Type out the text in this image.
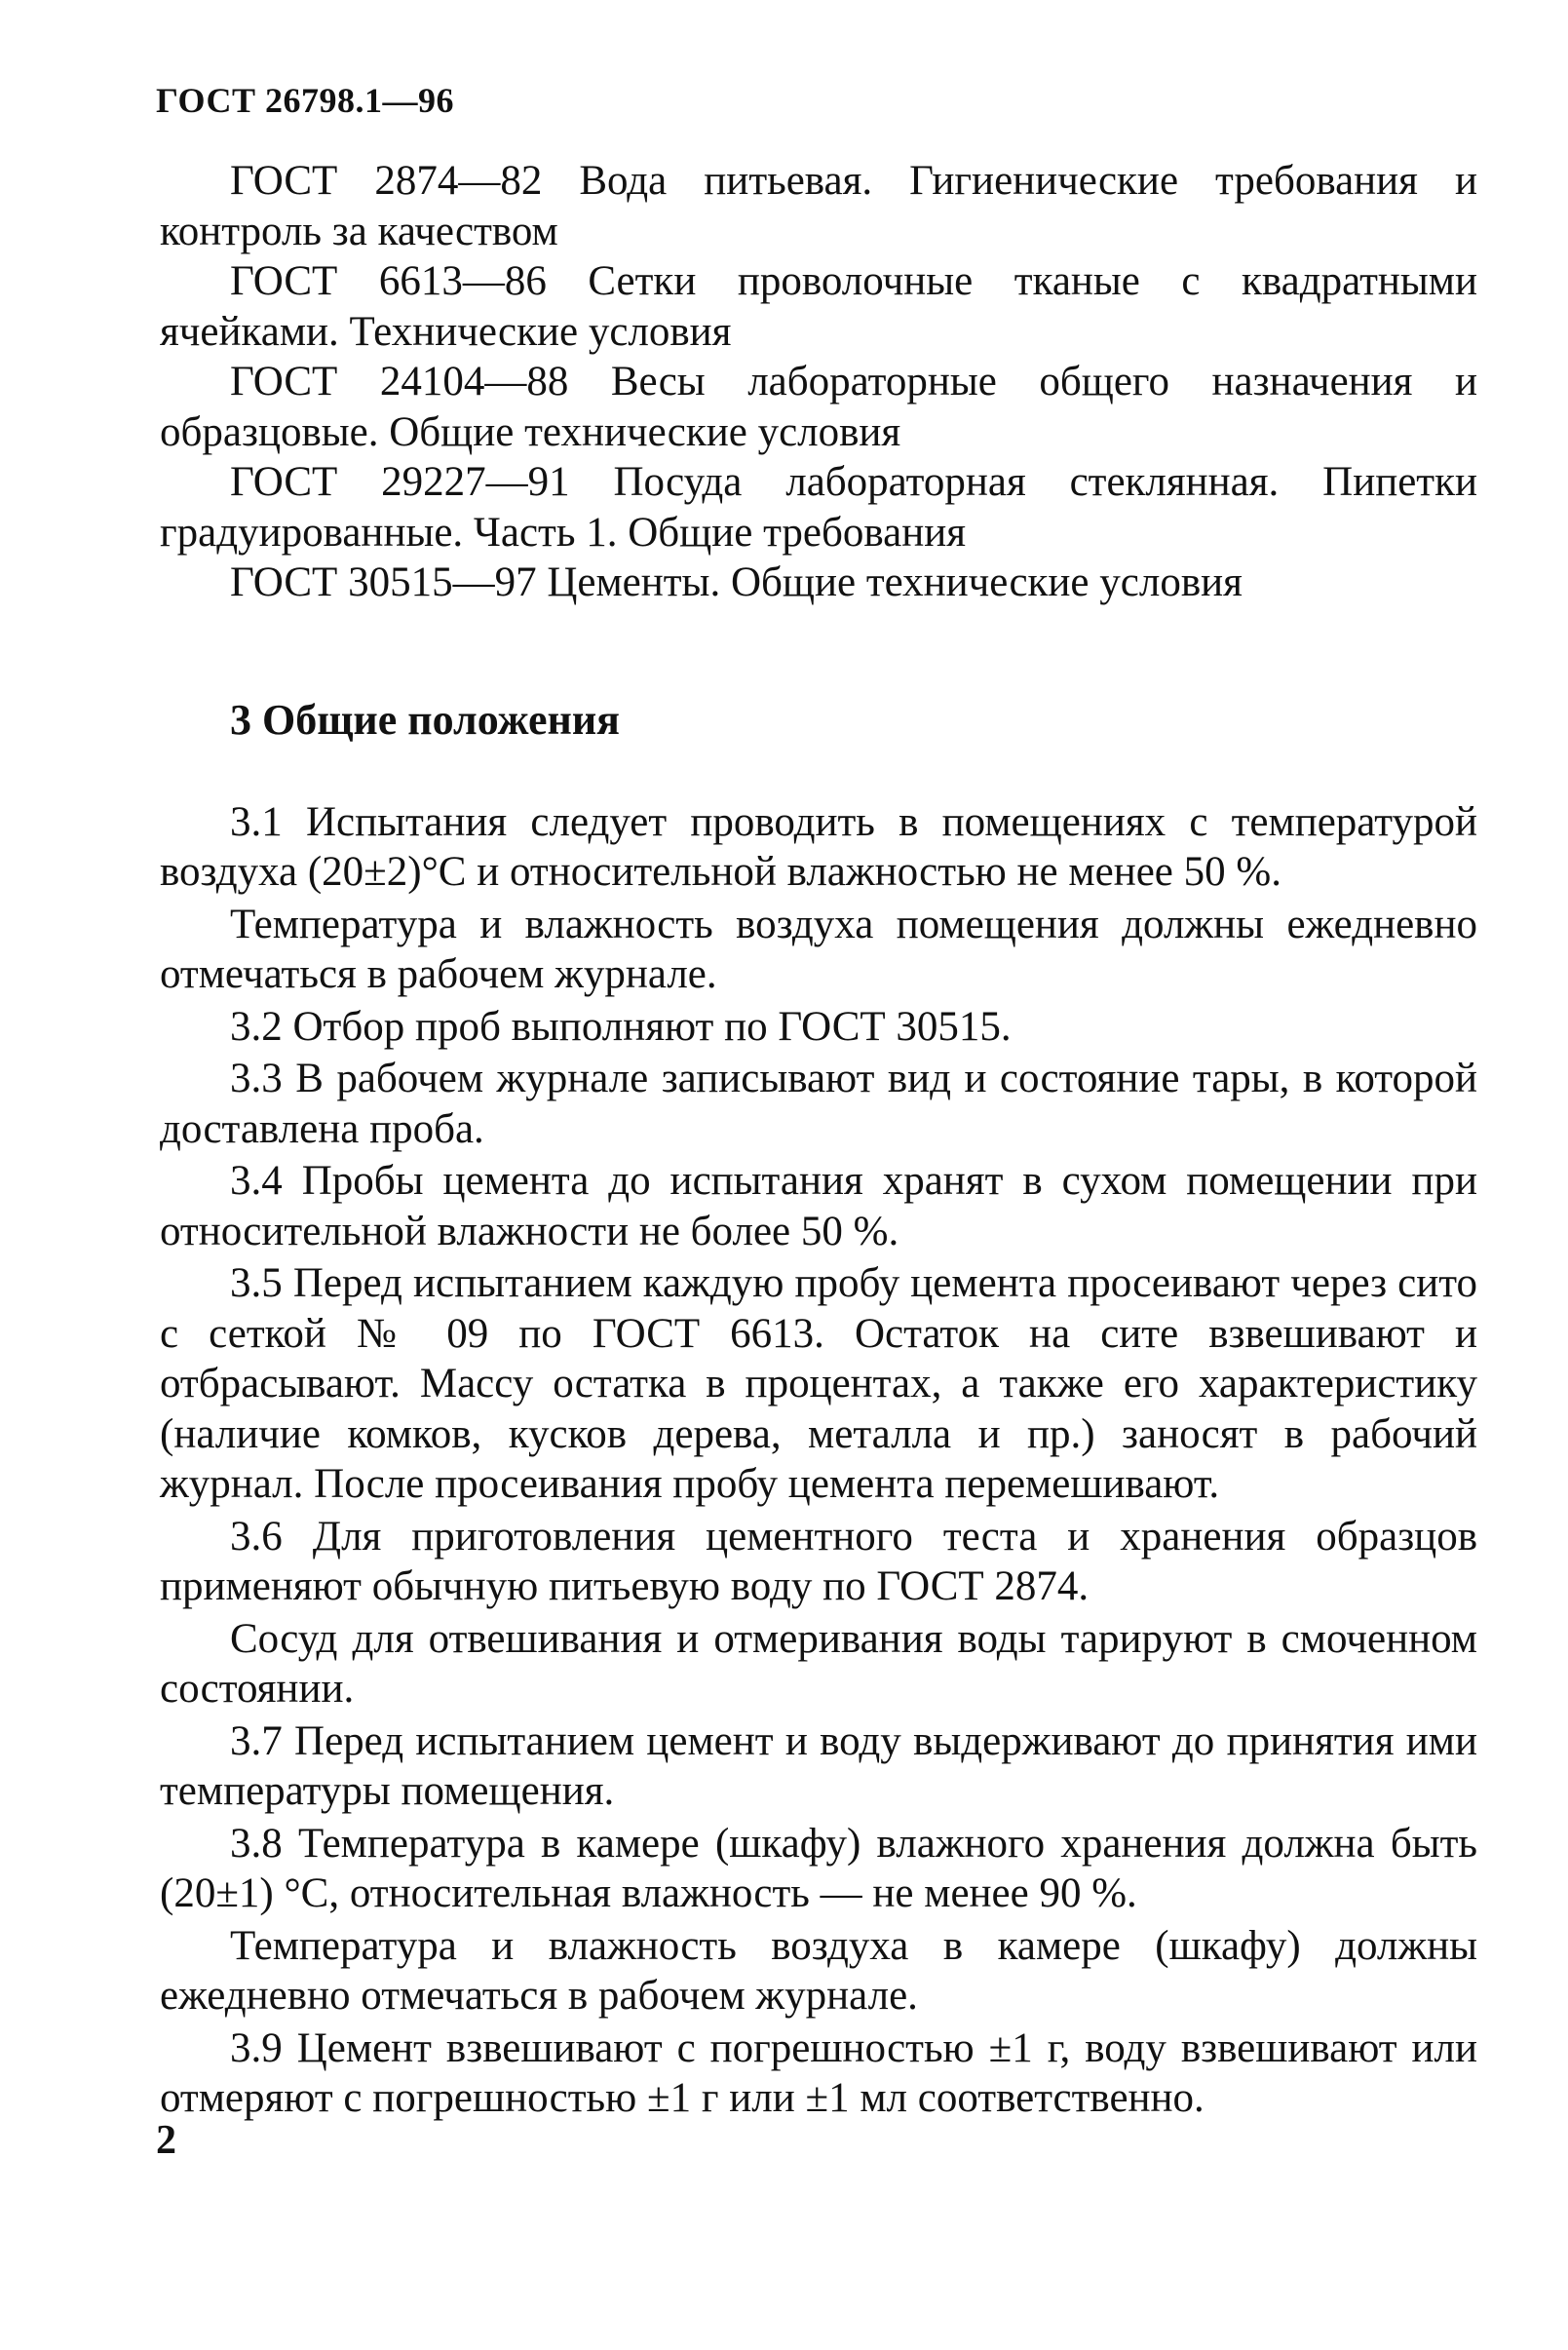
ГОСТ 26798.1—96

ГОСТ 2874—82 Вода питьевая. Гигиенические требования и контроль за качеством

ГОСТ 6613—86 Сетки проволочные тканые с квадратными ячейками. Технические условия

ГОСТ 24104—88 Весы лабораторные общего назначения и образцовые. Общие технические условия

ГОСТ 29227—91 Посуда лабораторная стеклянная. Пипетки градуированные. Часть 1. Общие требования

ГОСТ 30515—97 Цементы. Общие технические условия

3 Общие положения

3.1 Испытания следует проводить в помещениях с температурой воздуха (20±2)°С и относительной влажностью не менее 50 %.

Температура и влажность воздуха помещения должны ежедневно отмечаться в рабочем журнале.

3.2 Отбор проб выполняют по ГОСТ 30515.

3.3 В рабочем журнале записывают вид и состояние тары, в которой доставлена проба.

3.4 Пробы цемента до испытания хранят в сухом помещении при относительной влажности не более 50 %.

3.5 Перед испытанием каждую пробу цемента просеивают через сито с сеткой № 09 по ГОСТ 6613. Остаток на сите взвешивают и отбрасывают. Массу остатка в процентах, а также его характеристику (наличие комков, кусков дерева, металла и пр.) заносят в рабочий журнал. После просеивания пробу цемента перемешивают.

3.6 Для приготовления цементного теста и хранения образцов применяют обычную питьевую воду по ГОСТ 2874.

Сосуд для отвешивания и отмеривания воды тарируют в смоченном состоянии.

3.7 Перед испытанием цемент и воду выдерживают до принятия ими температуры помещения.

3.8 Температура в камере (шкафу) влажного хранения должна быть (20±1) °С, относительная влажность — не менее 90 %.

Температура и влажность воздуха в камере (шкафу) должны ежедневно отмечаться в рабочем журнале.

3.9 Цемент взвешивают с погрешностью ±1 г, воду взвешивают или отмеряют с погрешностью ±1 г или ±1 мл соответственно.

2
